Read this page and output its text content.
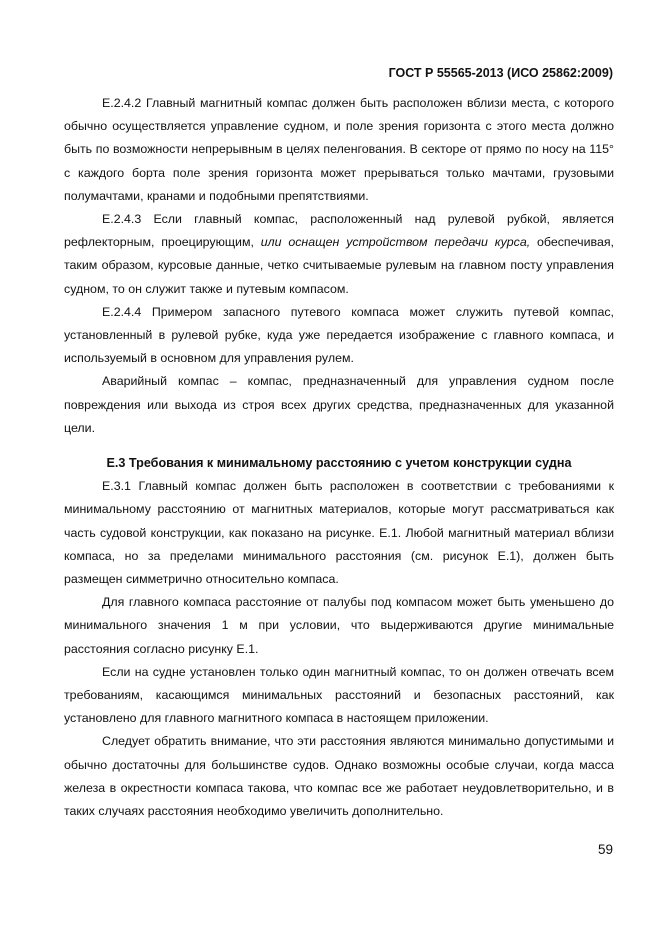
ГОСТ Р 55565-2013 (ИСО 25862:2009)

Е.2.4.2 Главный магнитный компас должен быть расположен вблизи места, с которого обычно осуществляется управление судном, и поле зрения горизонта с этого места должно быть по возможности непрерывным в целях пеленгования. В секторе от прямо по носу на 115° с каждого борта поле зрения горизонта может прерываться только мачтами, грузовыми полумачтами, кранами и подобными препятствиями.

Е.2.4.3 Если главный компас, расположенный над рулевой рубкой, является рефлекторным, проецирующим, или оснащен устройством передачи курса, обеспечивая, таким образом, курсовые данные, четко считываемые рулевым на главном посту управления судном, то он служит также и путевым компасом.

Е.2.4.4 Примером запасного путевого компаса может служить путевой компас, установленный в рулевой рубке, куда уже передается изображение с главного компаса, и используемый в основном для управления рулем.

Аварийный компас – компас, предназначенный для управления судном после повреждения или выхода из строя всех других средства, предназначенных для указанной цели.

Е.3 Требования к минимальному расстоянию с учетом конструкции судна

Е.3.1 Главный компас должен быть расположен в соответствии с требованиями к минимальному расстоянию от магнитных материалов, которые могут рассматриваться как часть судовой конструкции, как показано на рисунке. Е.1. Любой магнитный материал вблизи компаса, но за пределами минимального расстояния (см. рисунок Е.1), должен быть размещен симметрично относительно компаса.

Для главного компаса расстояние от палубы под компасом может быть уменьшено до минимального значения 1 м при условии, что выдерживаются другие минимальные расстояния согласно рисунку Е.1.

Если на судне установлен только один магнитный компас, то он должен отвечать всем требованиям, касающимся минимальных расстояний и безопасных расстояний, как установлено для главного магнитного компаса в настоящем приложении.

Следует обратить внимание, что эти расстояния являются минимально допустимыми и обычно достаточны для большинстве судов. Однако возможны особые случаи, когда масса железа в окрестности компаса такова, что компас все же работает неудовлетворительно, и в таких случаях расстояния необходимо увеличить дополнительно.

59
